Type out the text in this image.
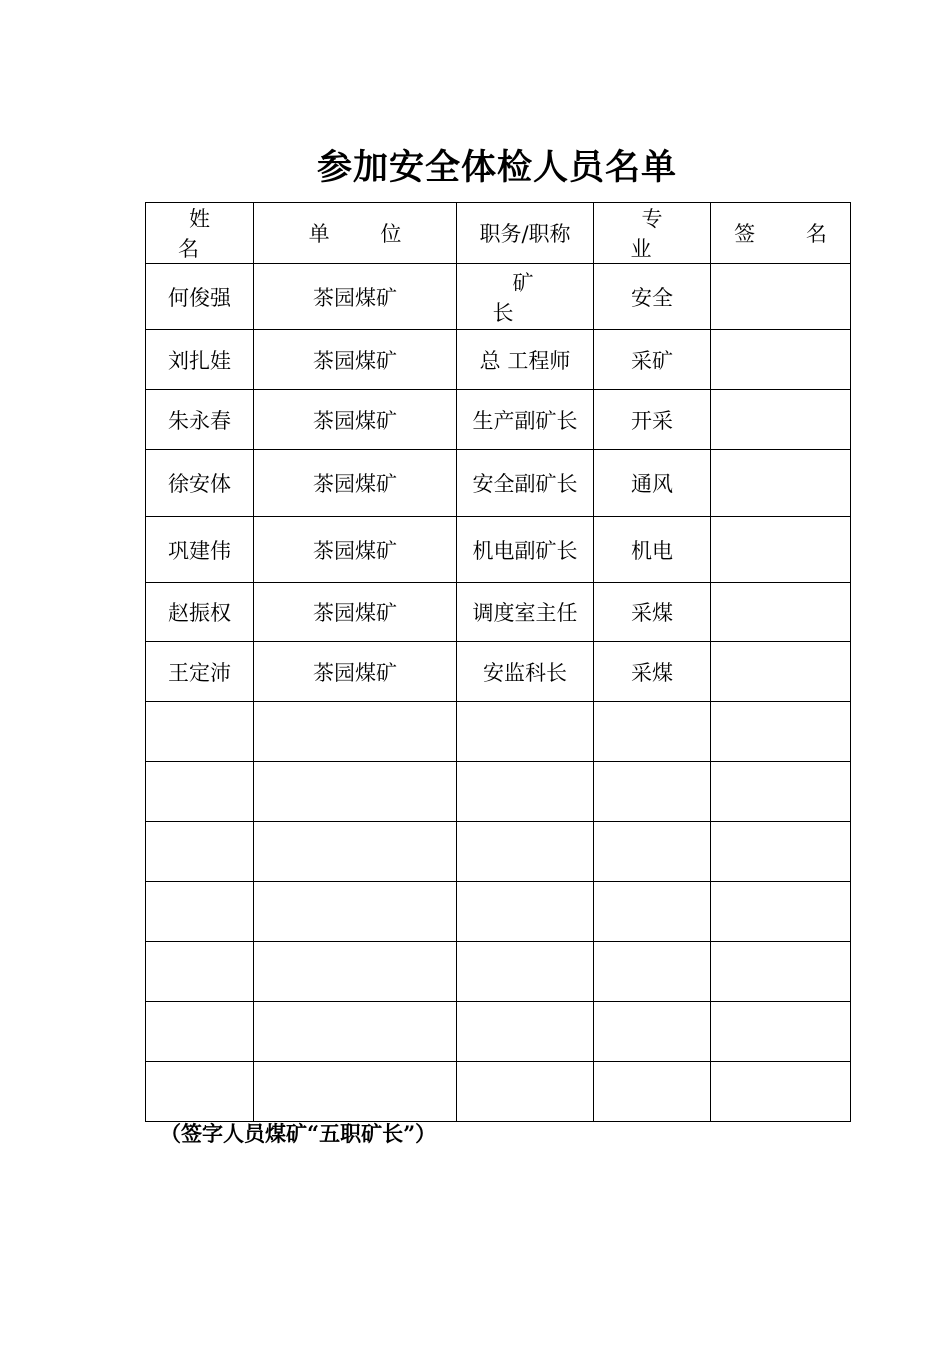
参加安全体检人员名单
姓 名	单 位	职务/职称	专 业	签 名
何俊强	茶园煤矿	矿 长	安全	
刘扎娃	茶园煤矿	总 工程师	采矿	
朱永春	茶园煤矿	生产副矿长	开采	
徐安体	茶园煤矿	安全副矿长	通风	
巩建伟	茶园煤矿	机电副矿长	机电	
赵振权	茶园煤矿	调度室主任	采煤	
王定沛	茶园煤矿	安监科长	采煤	

（签字人员煤矿“五职矿长”）
